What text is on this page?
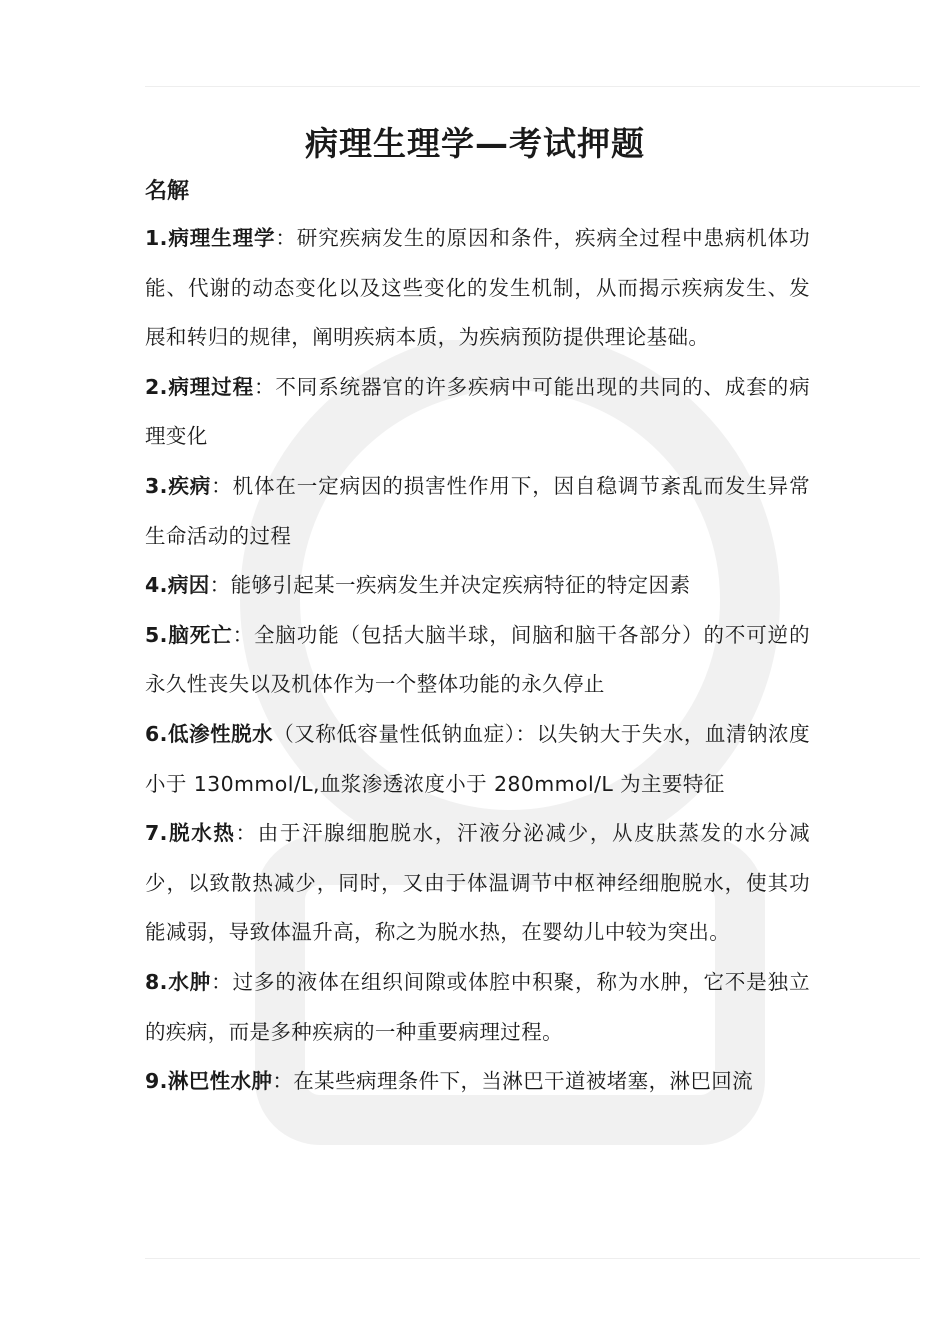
病理生理学—考试押题
名解

1.病理生理学：研究疾病发生的原因和条件，疾病全过程中患病机体功能、代谢的动态变化以及这些变化的发生机制，从而揭示疾病发生、发展和转归的规律，阐明疾病本质，为疾病预防提供理论基础。

2.病理过程：不同系统器官的许多疾病中可能出现的共同的、成套的病理变化

3.疾病：机体在一定病因的损害性作用下，因自稳调节紊乱而发生异常生命活动的过程

4.病因：能够引起某一疾病发生并决定疾病特征的特定因素

5.脑死亡：全脑功能（包括大脑半球，间脑和脑干各部分）的不可逆的永久性丧失以及机体作为一个整体功能的永久停止

6.低渗性脱水（又称低容量性低钠血症）：以失钠大于失水，血清钠浓度小于 130mmol/L,血浆渗透浓度小于 280mmol/L 为主要特征

7.脱水热：由于汗腺细胞脱水，汗液分泌减少，从皮肤蒸发的水分减少，以致散热减少，同时，又由于体温调节中枢神经细胞脱水，使其功能减弱，导致体温升高，称之为脱水热，在婴幼儿中较为突出。

8.水肿：过多的液体在组织间隙或体腔中积聚，称为水肿，它不是独立的疾病，而是多种疾病的一种重要病理过程。

9.淋巴性水肿：在某些病理条件下，当淋巴干道被堵塞，淋巴回流
